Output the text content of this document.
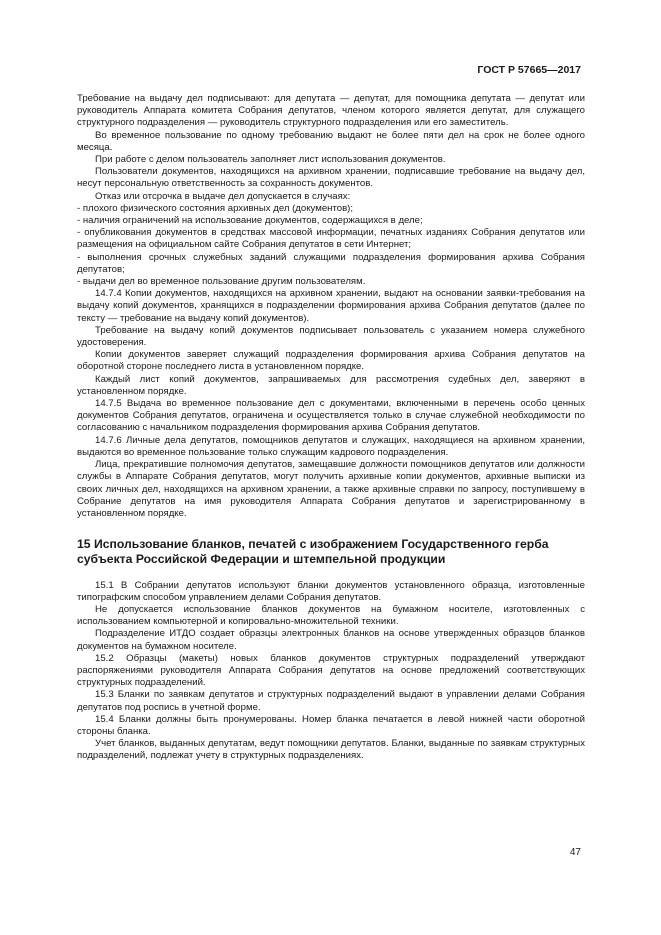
ГОСТ Р 57665—2017

Требование на выдачу дел подписывают: для депутата — депутат, для помощника депутата — депутат или руководитель Аппарата комитета Собрания депутатов, членом которого является депутат, для служащего структурного подразделения — руководитель структурного подразделения или его заместитель.

Во временное пользование по одному требованию выдают не более пяти дел на срок не более одного месяца.

При работе с делом пользователь заполняет лист использования документов.

Пользователи документов, находящихся на архивном хранении, подписавшие требование на выдачу дел, несут персональную ответственность за сохранность документов.

Отказ или отсрочка в выдаче дел допускается в случаях:

- плохого физического состояния архивных дел (документов);

- наличия ограничений на использование документов, содержащихся в деле;

- опубликования документов в средствах массовой информации, печатных изданиях Собрания депутатов или размещения на официальном сайте Собрания депутатов в сети Интернет;

- выполнения срочных служебных заданий служащими подразделения формирования архива Собрания депутатов;

- выдачи дел во временное пользование другим пользователям.

14.7.4 Копии документов, находящихся на архивном хранении, выдают на основании заявки-требования на выдачу копий документов, хранящихся в подразделении формирования архива Собрания депутатов (далее по тексту — требование на выдачу копий документов).

Требование на выдачу копий документов подписывает пользователь с указанием номера служебного удостоверения.

Копии документов заверяет служащий подразделения формирования архива Собрания депутатов на оборотной стороне последнего листа в установленном порядке.

Каждый лист копий документов, запрашиваемых для рассмотрения судебных дел, заверяют в установленном порядке.

14.7.5 Выдача во временное пользование дел с документами, включенными в перечень особо ценных документов Собрания депутатов, ограничена и осуществляется только в случае служебной необходимости по согласованию с начальником подразделения формирования архива Собрания депутатов.

14.7.6 Личные дела депутатов, помощников депутатов и служащих, находящиеся на архивном хранении, выдаются во временное пользование только служащим кадрового подразделения.

Лица, прекратившие полномочия депутатов, замещавшие должности помощников депутатов или должности службы в Аппарате Собрания депутатов, могут получить архивные копии документов, архивные выписки из своих личных дел, находящихся на архивном хранении, а также архивные справки по запросу, поступившему в Собрание депутатов на имя руководителя Аппарата Собрания депутатов и зарегистрированному в установленном порядке.

15 Использование бланков, печатей с изображением Государственного герба субъекта Российской Федерации и штемпельной продукции

15.1 В Собрании депутатов используют бланки документов установленного образца, изготовленные типографским способом управлением делами Собрания депутатов.

Не допускается использование бланков документов на бумажном носителе, изготовленных с использованием компьютерной и копировально-множительной техники.

Подразделение ИТДО создает образцы электронных бланков на основе утвержденных образцов бланков документов на бумажном носителе.

15.2 Образцы (макеты) новых бланков документов структурных подразделений утверждают распоряжениями руководителя Аппарата Собрания депутатов на основе предложений соответствующих структурных подразделений.

15.3 Бланки по заявкам депутатов и структурных подразделений выдают в управлении делами Собрания депутатов под роспись в учетной форме.

15.4 Бланки должны быть пронумерованы. Номер бланка печатается в левой нижней части оборотной стороны бланка.

Учет бланков, выданных депутатам, ведут помощники депутатов. Бланки, выданные по заявкам структурных подразделений, подлежат учету в структурных подразделениях.

47
